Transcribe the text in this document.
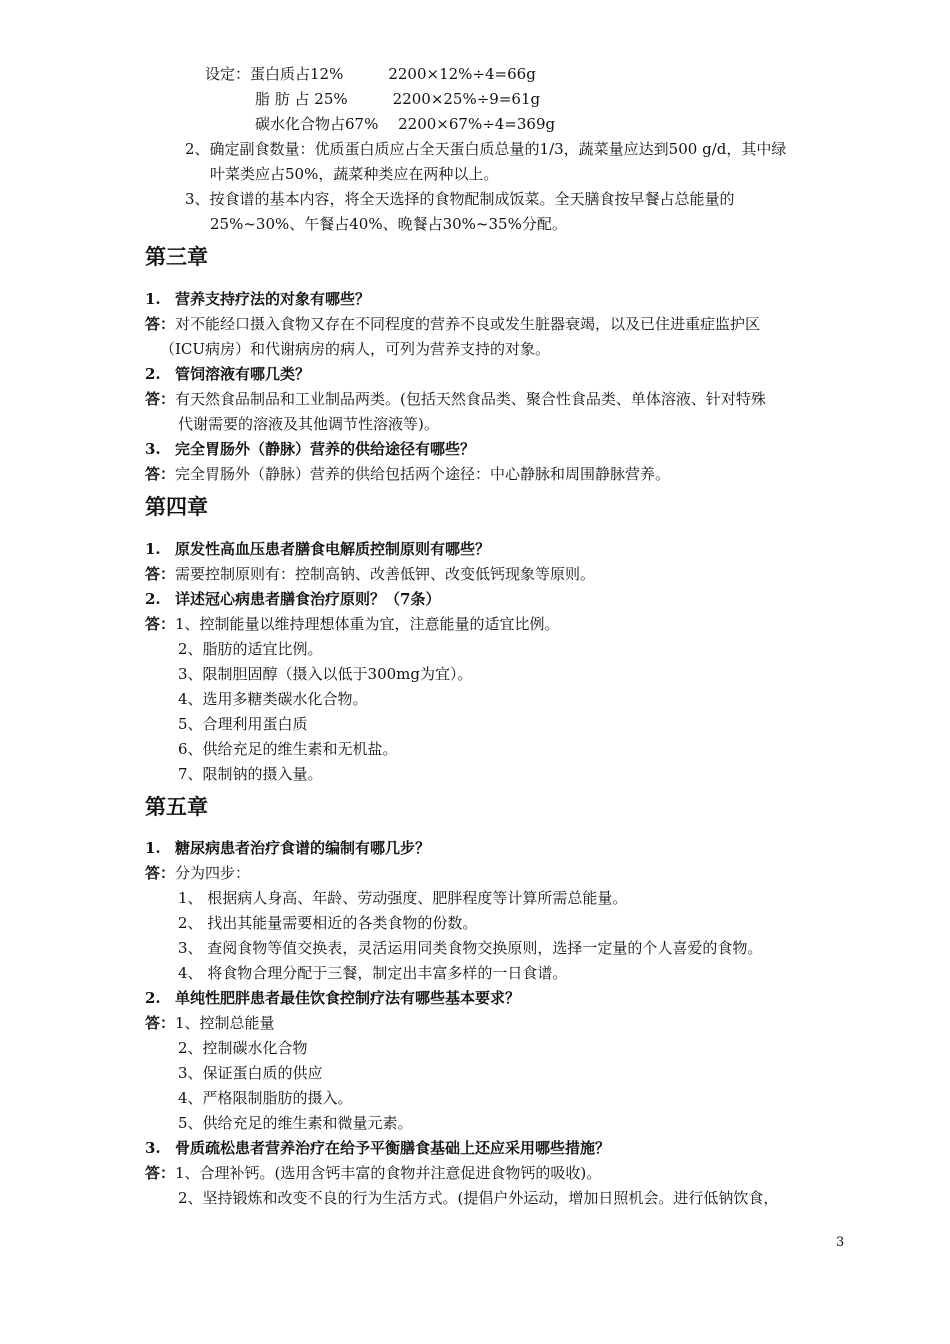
设定：蛋白质占12%　　　2200×12%÷4=66g
脂 肪 占 25%　　　2200×25%÷9=61g
碳水化合物占67%　 2200×67%÷4=369g
2、确定副食数量：优质蛋白质应占全天蛋白质总量的1/3，蔬菜量应达到500 g/d，其中绿
叶菜类应占50%，蔬菜种类应在两种以上。
3、按食谱的基本内容，将全天选择的食物配制成饭菜。全天膳食按早餐占总能量的
25%~30%、午餐占40%、晚餐占30%~35%分配。
第三章
1. 营养支持疗法的对象有哪些？
答：对不能经口摄入食物又存在不同程度的营养不良或发生脏器衰竭，以及已住进重症监护区
（ICU病房）和代谢病房的病人，可列为营养支持的对象。
2. 管饲溶液有哪几类？
答：有天然食品制品和工业制品两类。(包括天然食品类、聚合性食品类、单体溶液、针对特殊
代谢需要的溶液及其他调节性溶液等)。
3. 完全胃肠外（静脉）营养的供给途径有哪些？
答：完全胃肠外（静脉）营养的供给包括两个途径：中心静脉和周围静脉营养。
第四章
1. 原发性高血压患者膳食电解质控制原则有哪些？
答：需要控制原则有：控制高钠、改善低钾、改变低钙现象等原则。
2. 详述冠心病患者膳食治疗原则？（7条）
答：1、控制能量以维持理想体重为宜，注意能量的适宜比例。
2、脂肪的适宜比例。
3、限制胆固醇（摄入以低于300mg为宜）。
4、选用多糖类碳水化合物。
5、合理利用蛋白质
6、供给充足的维生素和无机盐。
7、限制钠的摄入量。
第五章
1. 糖尿病患者治疗食谱的编制有哪几步？
答：分为四步：
1、 根据病人身高、年龄、劳动强度、肥胖程度等计算所需总能量。
2、 找出其能量需要相近的各类食物的份数。
3、 查阅食物等值交换表，灵活运用同类食物交换原则，选择一定量的个人喜爱的食物。
4、 将食物合理分配于三餐，制定出丰富多样的一日食谱。
2. 单纯性肥胖患者最佳饮食控制疗法有哪些基本要求？
答：1、控制总能量
2、控制碳水化合物
3、保证蛋白质的供应
4、严格限制脂肪的摄入。
5、供给充足的维生素和微量元素。
3. 骨质疏松患者营养治疗在给予平衡膳食基础上还应采用哪些措施？
答：1、合理补钙。(选用含钙丰富的食物并注意促进食物钙的吸收)。
2、坚持锻炼和改变不良的行为生活方式。(提倡户外运动，增加日照机会。进行低钠饮食，
3
